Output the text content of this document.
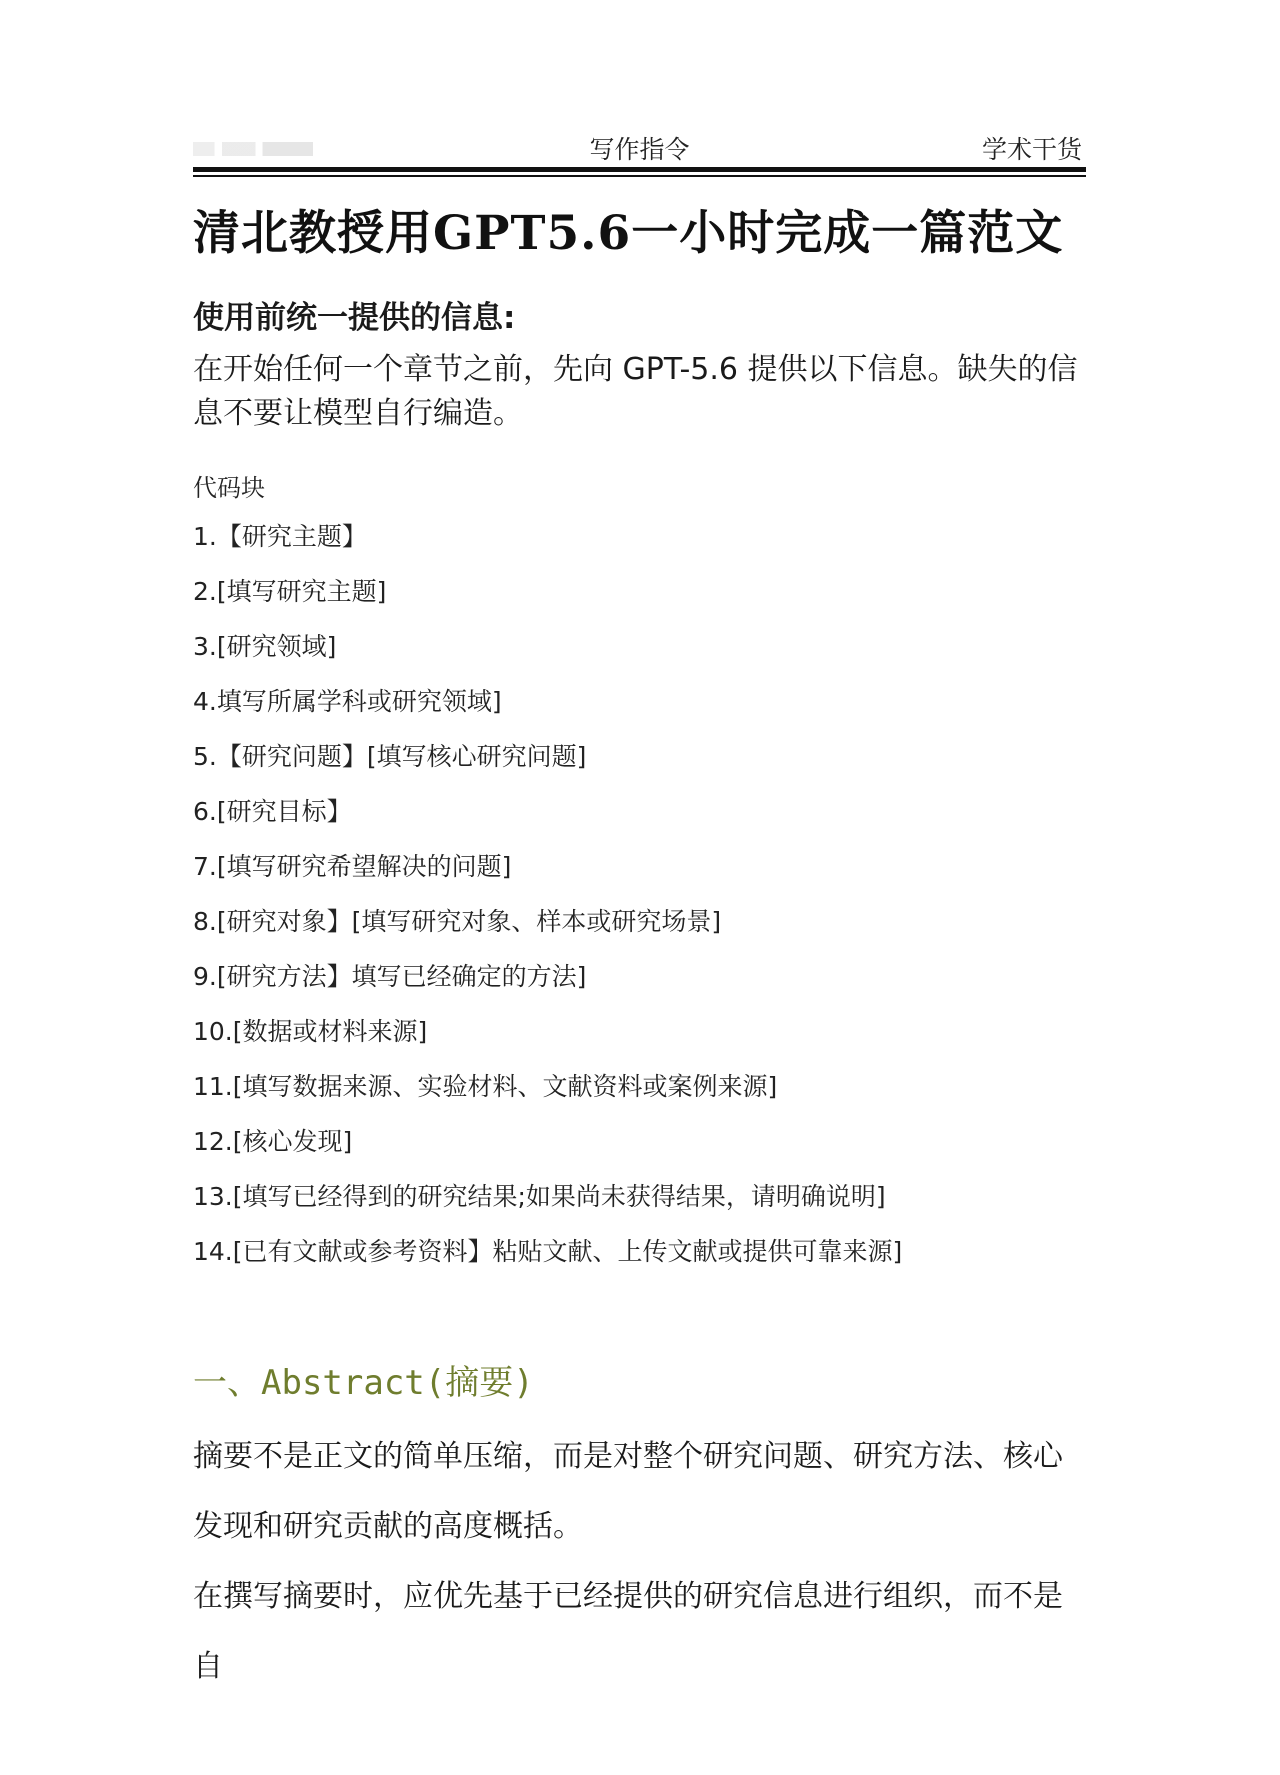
写作指令	学术干货
清北教授用GPT5.6一小时完成一篇范文
使用前统一提供的信息:
在开始任何一个章节之前，先向 GPT-5.6 提供以下信息。缺失的信息不要让模型自行编造。
代码块
1.【研究主题】
2.[填写研究主题]
3.[研究领域]
4.填写所属学科或研究领域]
5.【研究问题】[填写核心研究问题]
6.[研究目标】
7.[填写研究希望解决的问题]
8.[研究对象】[填写研究对象、样本或研究场景]
9.[研究方法】填写已经确定的方法]
10.[数据或材料来源]
11.[填写数据来源、实验材料、文献资料或案例来源]
12.[核心发现]
13.[填写已经得到的研究结果;如果尚未获得结果，请明确说明]
14.[已有文献或参考资料】粘贴文献、上传文献或提供可靠来源]
一、Abstract(摘要)

摘要不是正文的简单压缩，而是对整个研究问题、研究方法、核心发现和研究贡献的高度概括。

在撰写摘要时，应优先基于已经提供的研究信息进行组织，而不是自
